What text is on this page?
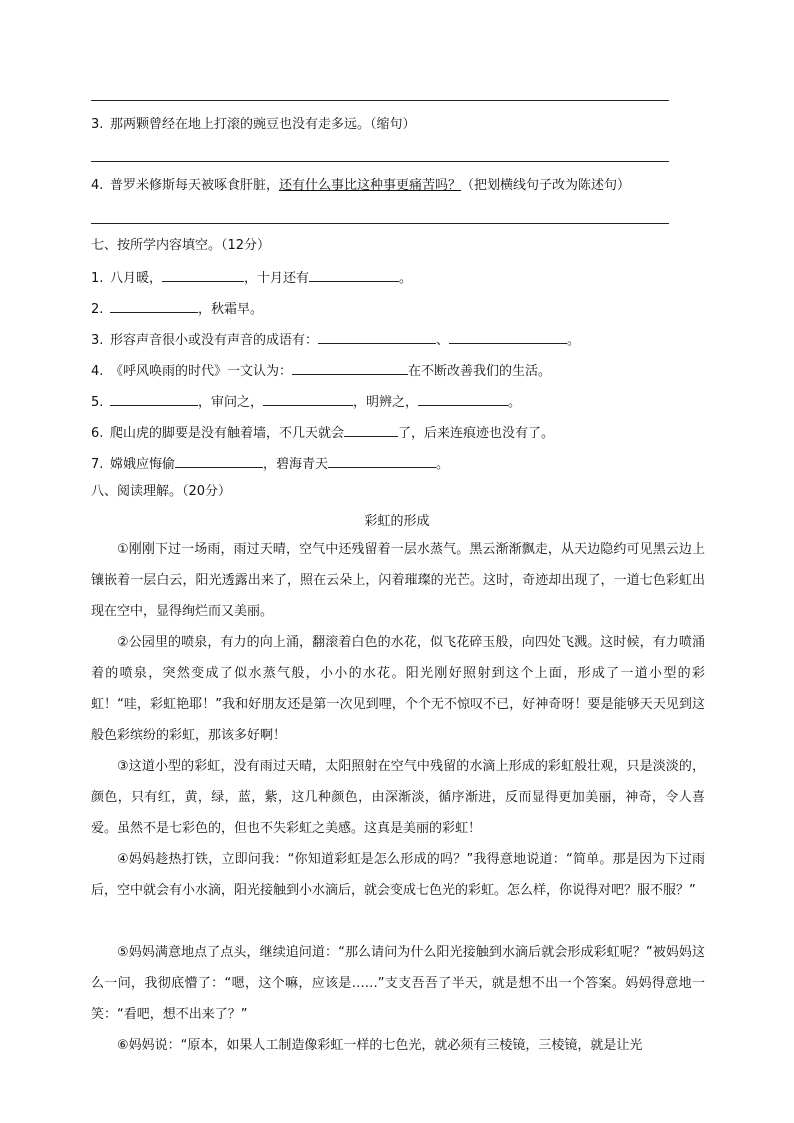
3. 那两颗曾经在地上打滚的豌豆也没有走多远。（缩句）
4. 普罗米修斯每天被啄食肝脏，还有什么事比这种事更痛苦吗？（把划横线句子改为陈述句）
七、按所学内容填空。（12分）
1. 八月暖，	，十月还有	。
2.	，秋霜早。
3. 形容声音很小或没有声音的成语有：	、	。
4. 《呼风唤雨的时代》一文认为：	在不断改善我们的生活。
5.	，审问之，	，明辨之，	。
6. 爬山虎的脚要是没有触着墙，不几天就会	了，后来连痕迹也没有了。
7. 嫦娥应悔偷	，碧海青天	。
八、阅读理解。（20分）
彩虹的形成
①刚刚下过一场雨，雨过天晴，空气中还残留着一层水蒸气。黑云渐渐飘走，从天边隐约可见黑云边上镶嵌着一层白云，阳光透露出来了，照在云朵上，闪着璀璨的光芒。这时，奇迹却出现了，一道七色彩虹出现在空中，显得绚烂而又美丽。
②公园里的喷泉，有力的向上涌，翻滚着白色的水花，似飞花碎玉般，向四处飞溅。这时候，有力喷涌着的喷泉，突然变成了似水蒸气般，小小的水花。阳光刚好照射到这个上面，形成了一道小型的彩虹！“哇，彩虹艳耶！”我和好朋友还是第一次见到哩，个个无不惊叹不已，好神奇呀！要是能够天天见到这般色彩缤纷的彩虹，那该多好啊！
③这道小型的彩虹，没有雨过天晴，太阳照射在空气中残留的水滴上形成的彩虹般壮观，只是淡淡的，颜色，只有红，黄，绿，蓝，紫，这几种颜色，由深渐淡，循序渐进，反而显得更加美丽，神奇，令人喜爱。虽然不是七彩色的，但也不失彩虹之美感。这真是美丽的彩虹！
④妈妈趁热打铁，立即问我：“你知道彩虹是怎么形成的吗？”我得意地说道：“简单。那是因为下过雨后，空中就会有小水滴，阳光接触到小水滴后，就会变成七色光的彩虹。怎么样，你说得对吧？服不服？”
⑤妈妈满意地点了点头，继续追问道：“那么请问为什么阳光接触到水滴后就会形成彩虹呢？”被妈妈这么一问，我彻底懵了：“嗯，这个嘛，应该是……”支支吾吾了半天，就是想不出一个答案。妈妈得意地一笑：“看吧，想不出来了？”
⑥妈妈说：“原本，如果人工制造像彩虹一样的七色光，就必须有三棱镜，三棱镜，就是让光
